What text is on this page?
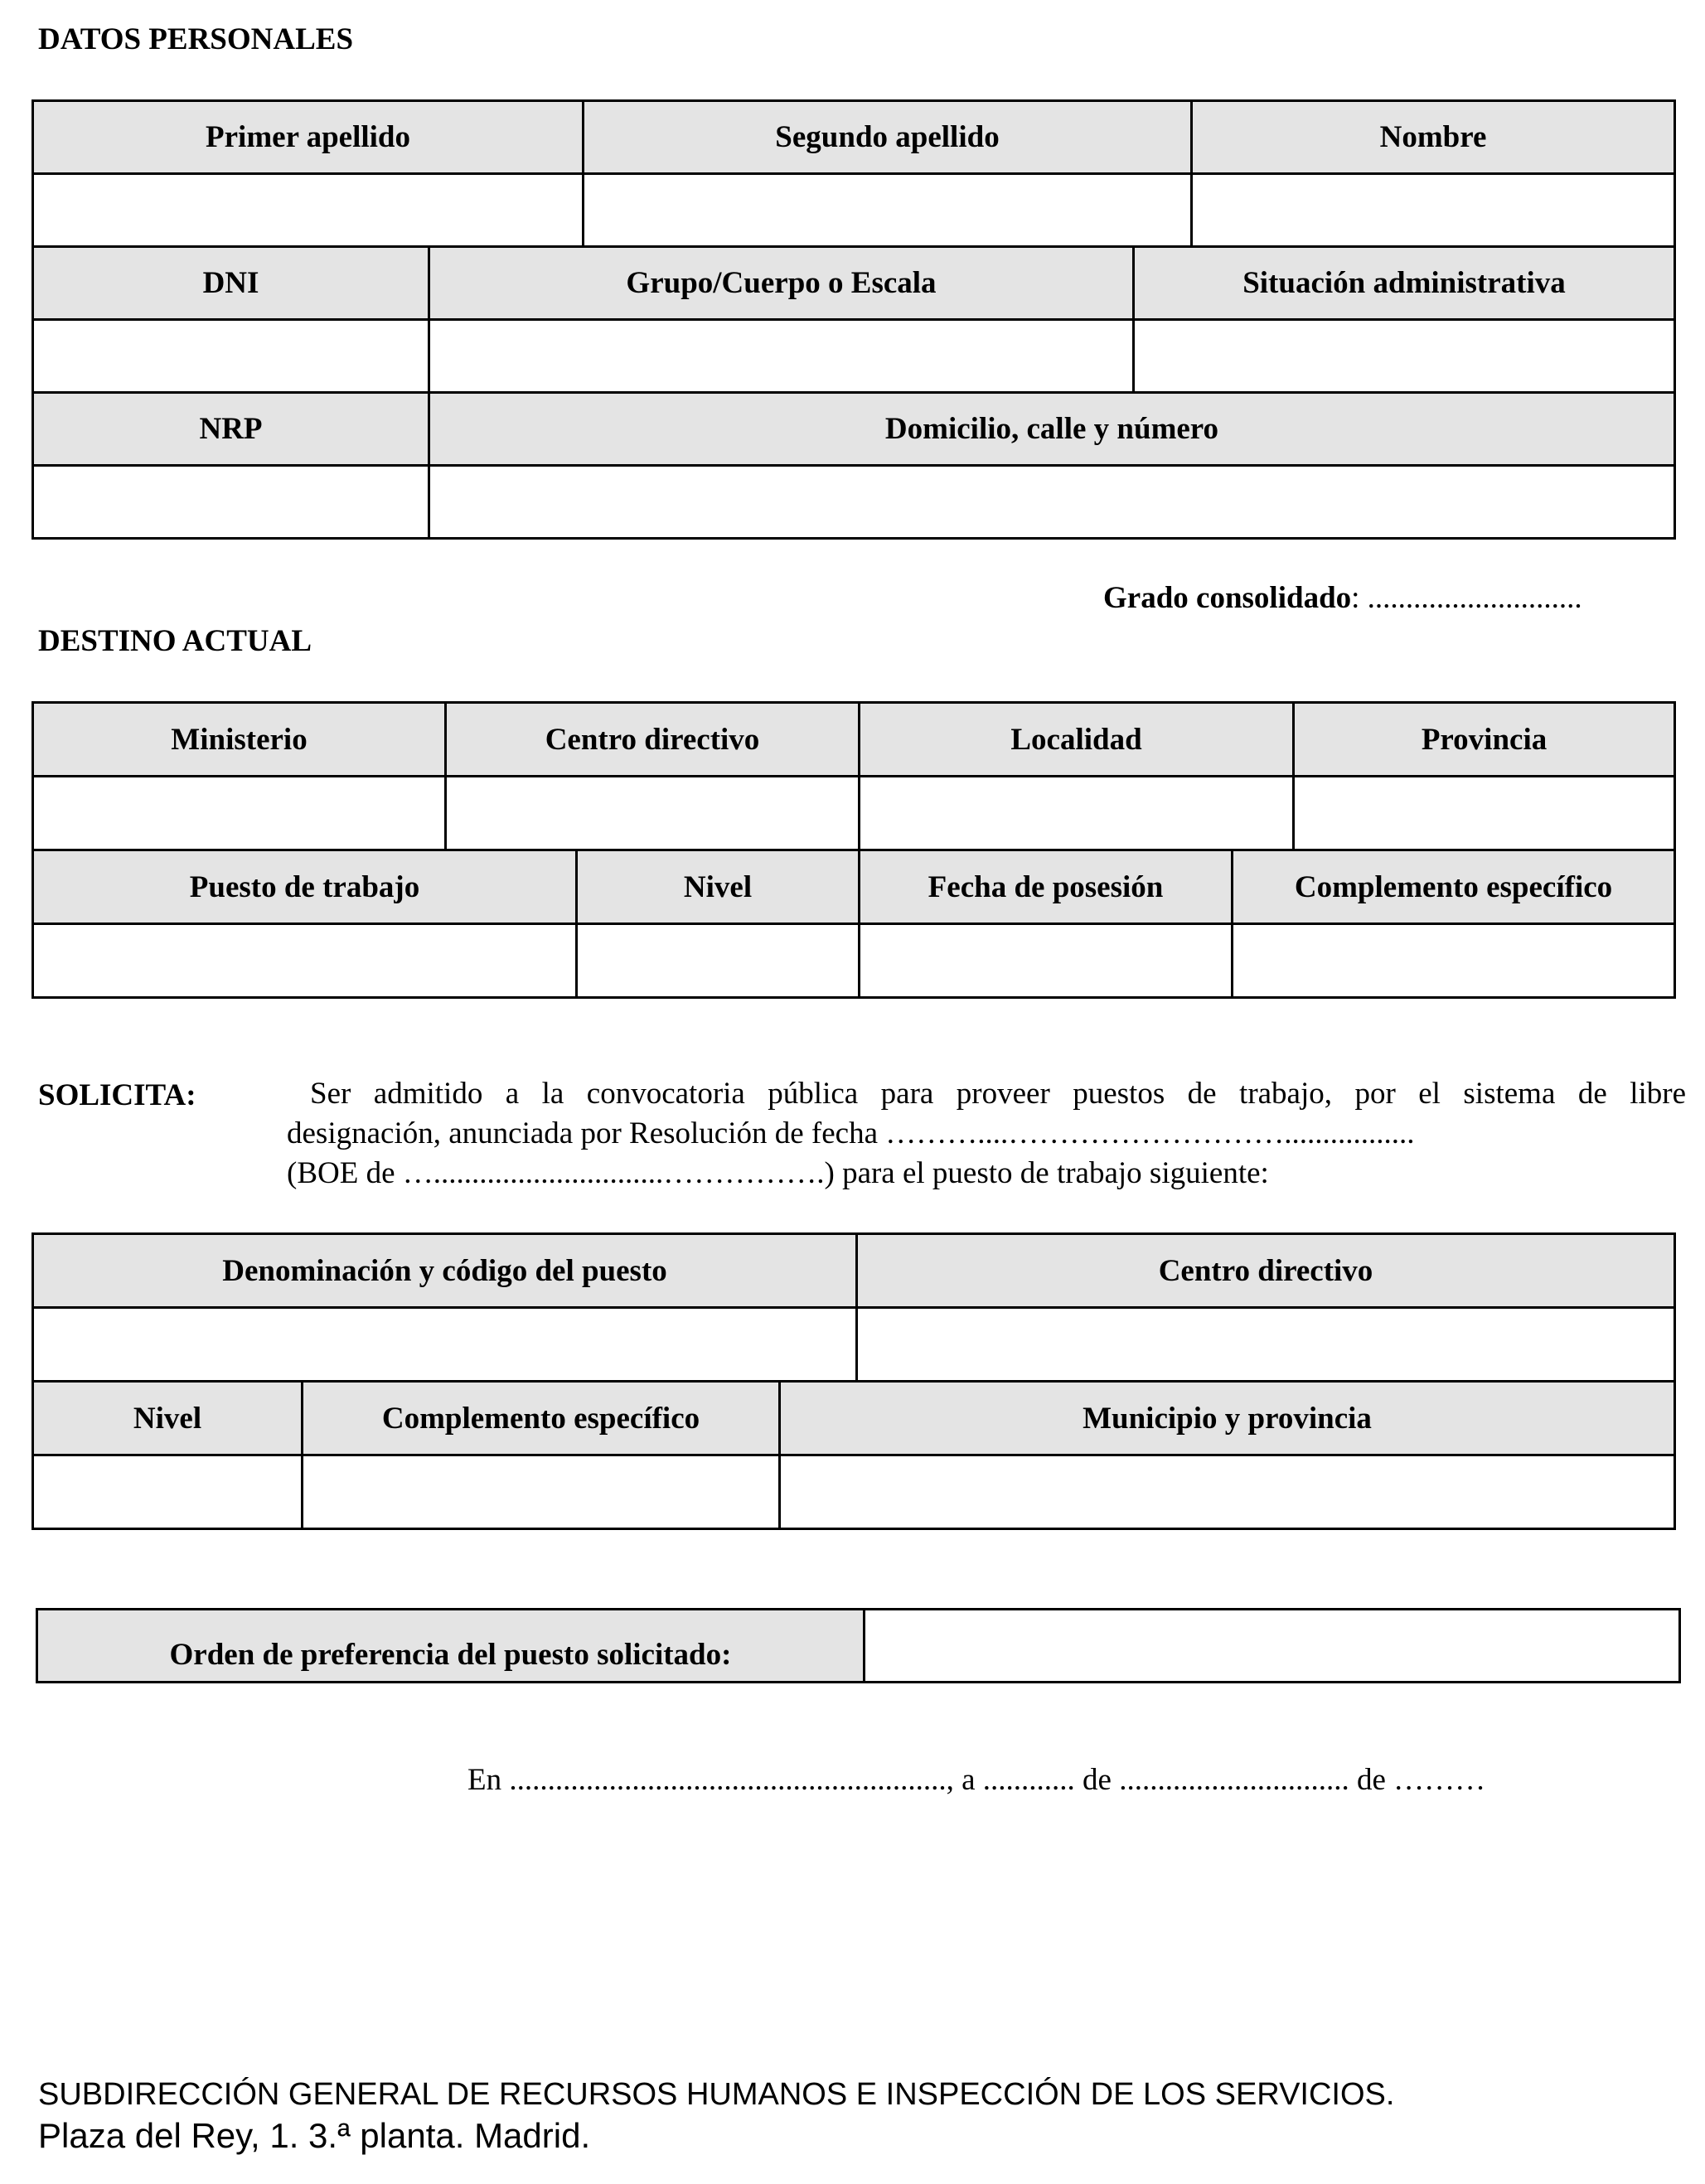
DATOS PERSONALES
Primer apellido		Segundo apellido		Nombre

DNI	Grupo/Cuerpo o Escala		Situación administrativa	

NRP	Domicilio, calle y número			

Grado consolidado: ............................
DESTINO ACTUAL
Ministerio	Centro directivo		Localidad		Provincia

Puesto de trabajo		Nivel	Fecha de posesión	Complemento específico	

SOLICITA:	Ser admitido a la convocatoria pública para proveer puestos de trabajo, por el sistema de libre
designación, anunciada por Resolución de fecha ………....……………………….................
(BOE de …..............................…………….) para el puesto de trabajo siguiente:
Denominación y código del puesto			Centro directivo

Nivel	Complemento específico	Municipio y provincia	

Orden de preferencia del puesto solicitado:	
En ........................................................., a ............ de .............................. de ………
SUBDIRECCIÓN GENERAL DE RECURSOS HUMANOS E INSPECCIÓN DE LOS SERVICIOS.
Plaza del Rey, 1. 3.ª planta. Madrid.
